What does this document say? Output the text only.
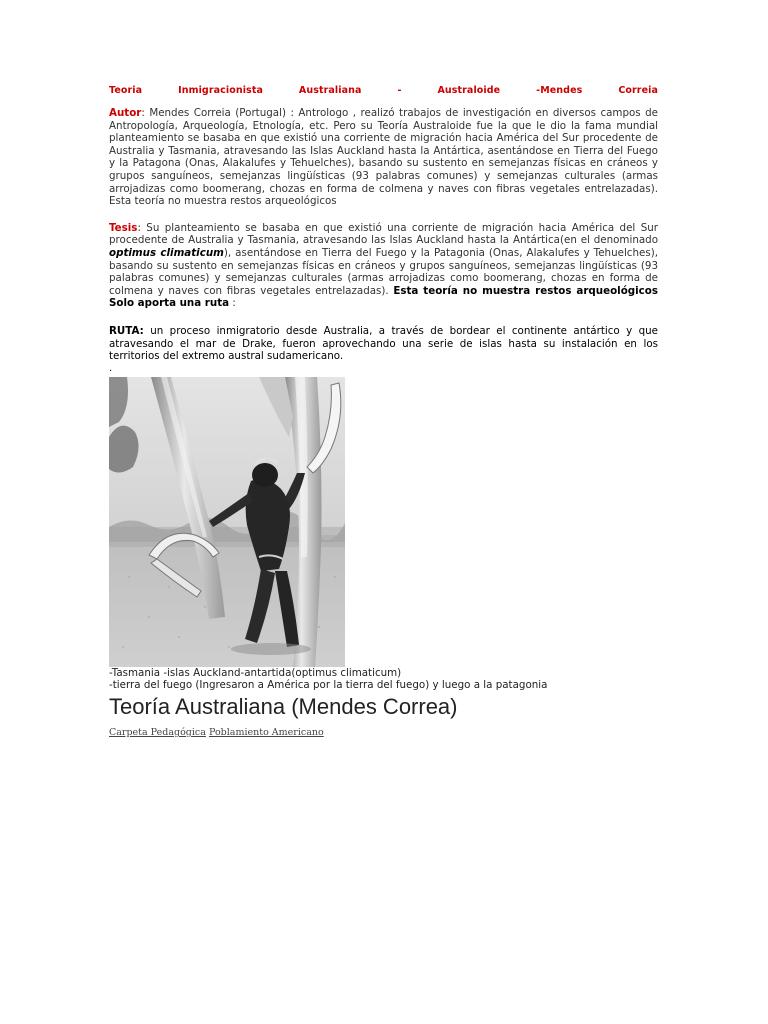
Teoria	Inmigracionista	Australiana	-	Australoide	-Mendes	Correia

Autor: Mendes Correia (Portugal) : Antrologo , realizó trabajos de investigación en diversos campos de Antropología, Arqueología, Etnología, etc. Pero su Teoría Australoide fue la que le dio la fama mundial planteamiento se basaba en que existió una corriente de migración hacia América del Sur procedente de Australia y Tasmania, atravesando las Islas Auckland hasta la Antártica, asentándose en Tierra del Fuego y la Patagona (Onas, Alakalufes y Tehuelches), basando su sustento en semejanzas físicas en cráneos y grupos sanguíneos, semejanzas lingüísticas (93 palabras comunes) y semejanzas culturales (armas arrojadizas como boomerang, chozas en forma de colmena y naves con fibras vegetales entrelazadas). Esta teoría no muestra restos arqueológicos

Tesis: Su planteamiento se basaba en que existió una corriente de migración hacia América del Sur procedente de Australia y Tasmania, atravesando las Islas Auckland hasta la Antártica(en el denominado optimus climaticum), asentándose en Tierra del Fuego y la Patagonia (Onas, Alakalufes y Tehuelches), basando su sustento en semejanzas físicas en cráneos y grupos sanguíneos, semejanzas lingüísticas (93 palabras comunes) y semejanzas culturales (armas arrojadizas como boomerang, chozas en forma de colmena y naves con fibras vegetales entrelazadas). Esta teoría no muestra restos arqueológicos Solo aporta una ruta :

RUTA: un proceso inmigratorio desde Australia, a través de bordear el continente antártico y que atravesando el mar de Drake, fueron aprovechando una serie de islas hasta su instalación en los territorios del extremo austral sudamericano.

.

-Tasmania -islas Auckland-antartida(optimus climaticum)

-tierra del fuego (Ingresaron a América por la tierra del fuego) y luego a la patagonia

Teoría Australiana (Mendes Correa)
Carpeta Pedagógica Poblamiento Americano
